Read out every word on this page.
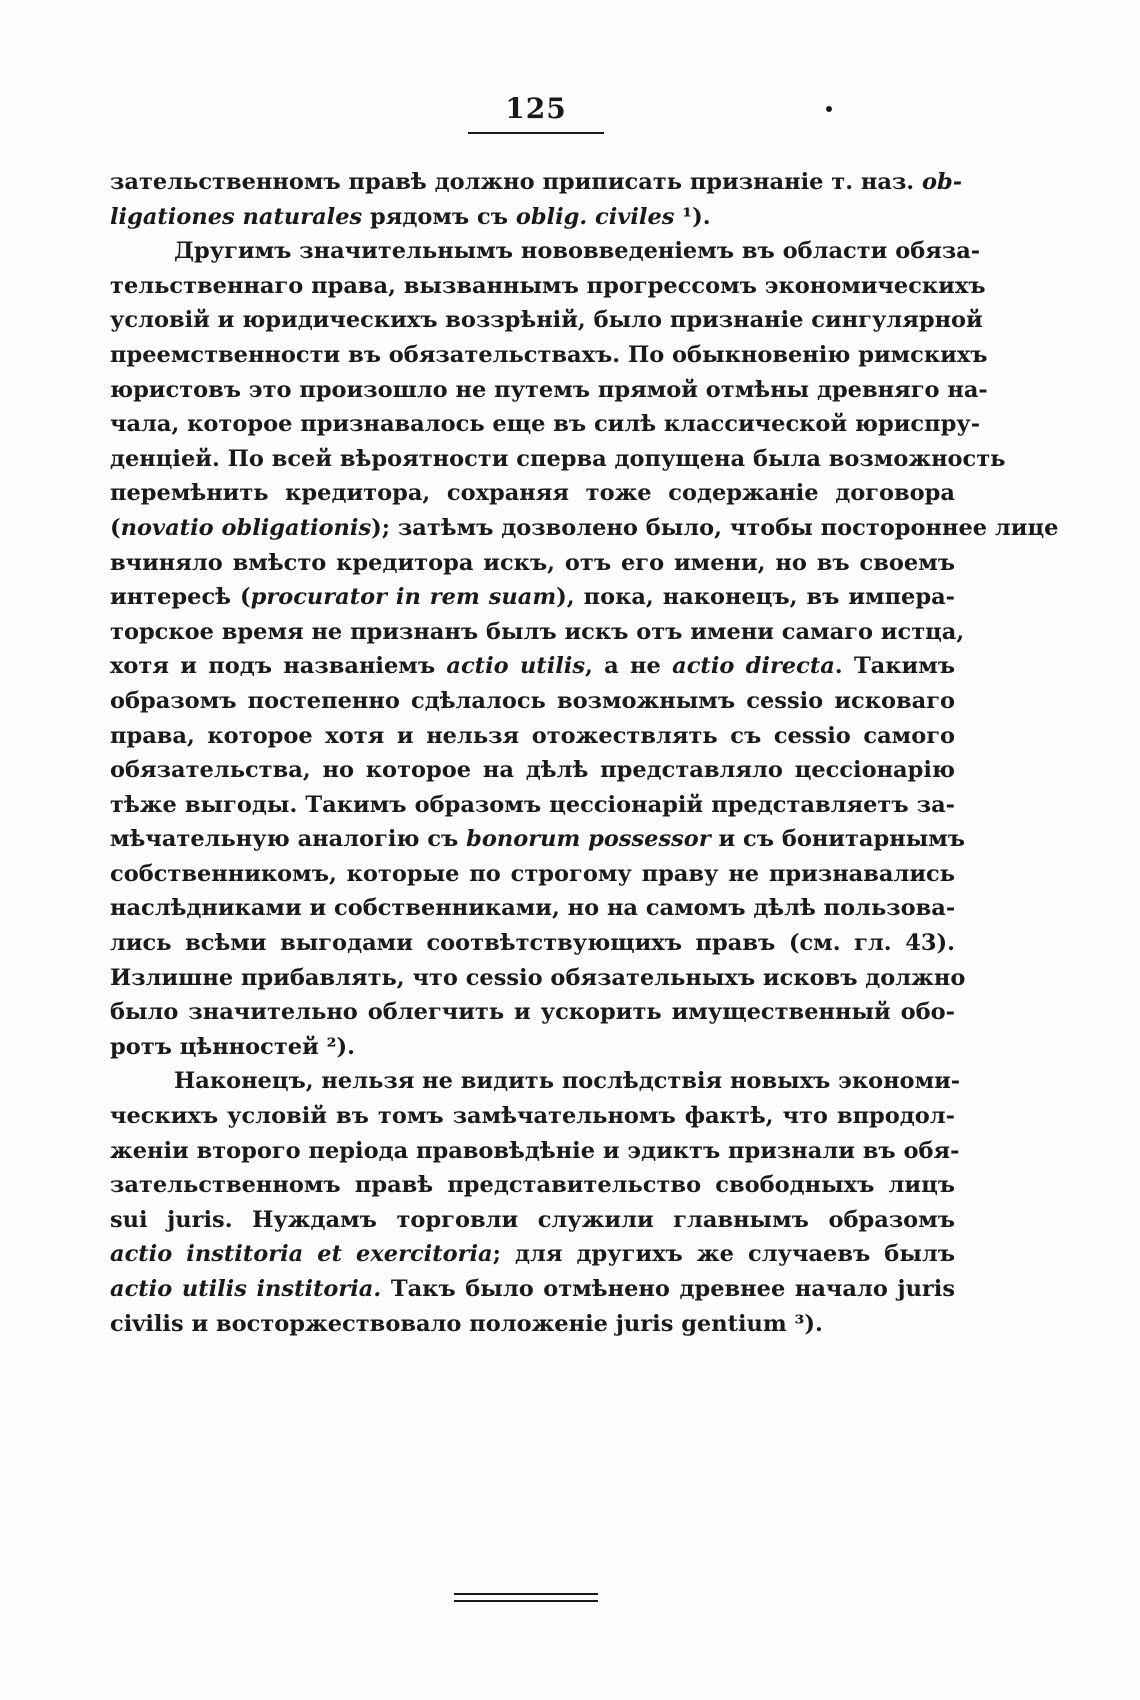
125
зательственномъ правѣ должно приписать признаніе т. наз. ob-
ligationes naturales рядомъ съ oblig. civiles ¹).
Другимъ значительнымъ нововведеніемъ въ области обяза-
тельственнаго права, вызваннымъ прогрессомъ экономическихъ
условій и юридическихъ воззрѣній, было признаніе сингулярной
преемственности въ обязательствахъ. По обыкновенію римскихъ
юристовъ это произошло не путемъ прямой отмѣны древняго на-
чала, которое признавалось еще въ силѣ классической юриспру-
денціей. По всей вѣроятности сперва допущена была возможность
перемѣнить кредитора, сохраняя тоже содержаніе договора
(novatio obligationis); затѣмъ дозволено было, чтобы постороннее лице
вчиняло вмѣсто кредитора искъ, отъ его имени, но въ своемъ
интересѣ (procurator in rem suam), пока, наконецъ, въ импера-
торское время не признанъ былъ искъ отъ имени самаго истца,
хотя и подъ названіемъ actio utilis, а не actio directa. Такимъ
образомъ постепенно сдѣлалось возможнымъ cessio исковаго
права, которое хотя и нельзя отожествлять съ cessio самого
обязательства, но которое на дѣлѣ представляло цессіонарію
тѣже выгоды. Такимъ образомъ цессіонарій представляетъ за-
мѣчательную аналогію съ bonorum possessor и съ бонитарнымъ
собственникомъ, которые по строгому праву не признавались
наслѣдниками и собственниками, но на самомъ дѣлѣ пользова-
лись всѣми выгодами соотвѣтствующихъ правъ (см. гл. 43).
Излишне прибавлять, что cessio обязательныхъ исковъ должно
было значительно облегчить и ускорить имущественный обо-
ротъ цѣнностей ²).
Наконецъ, нельзя не видить послѣдствія новыхъ экономи-
ческихъ условій въ томъ замѣчательномъ фактѣ, что впродол-
женіи второго періода правовѣдѣніе и эдиктъ признали въ обя-
зательственномъ правѣ представительство свободныхъ лицъ
sui juris. Нуждамъ торговли служили главнымъ образомъ
actio institoria et exercitoria; для другихъ же случаевъ былъ
actio utilis institoria. Такъ было отмѣнено древнее начало juris
civilis и восторжествовало положеніе juris gentium ³).
